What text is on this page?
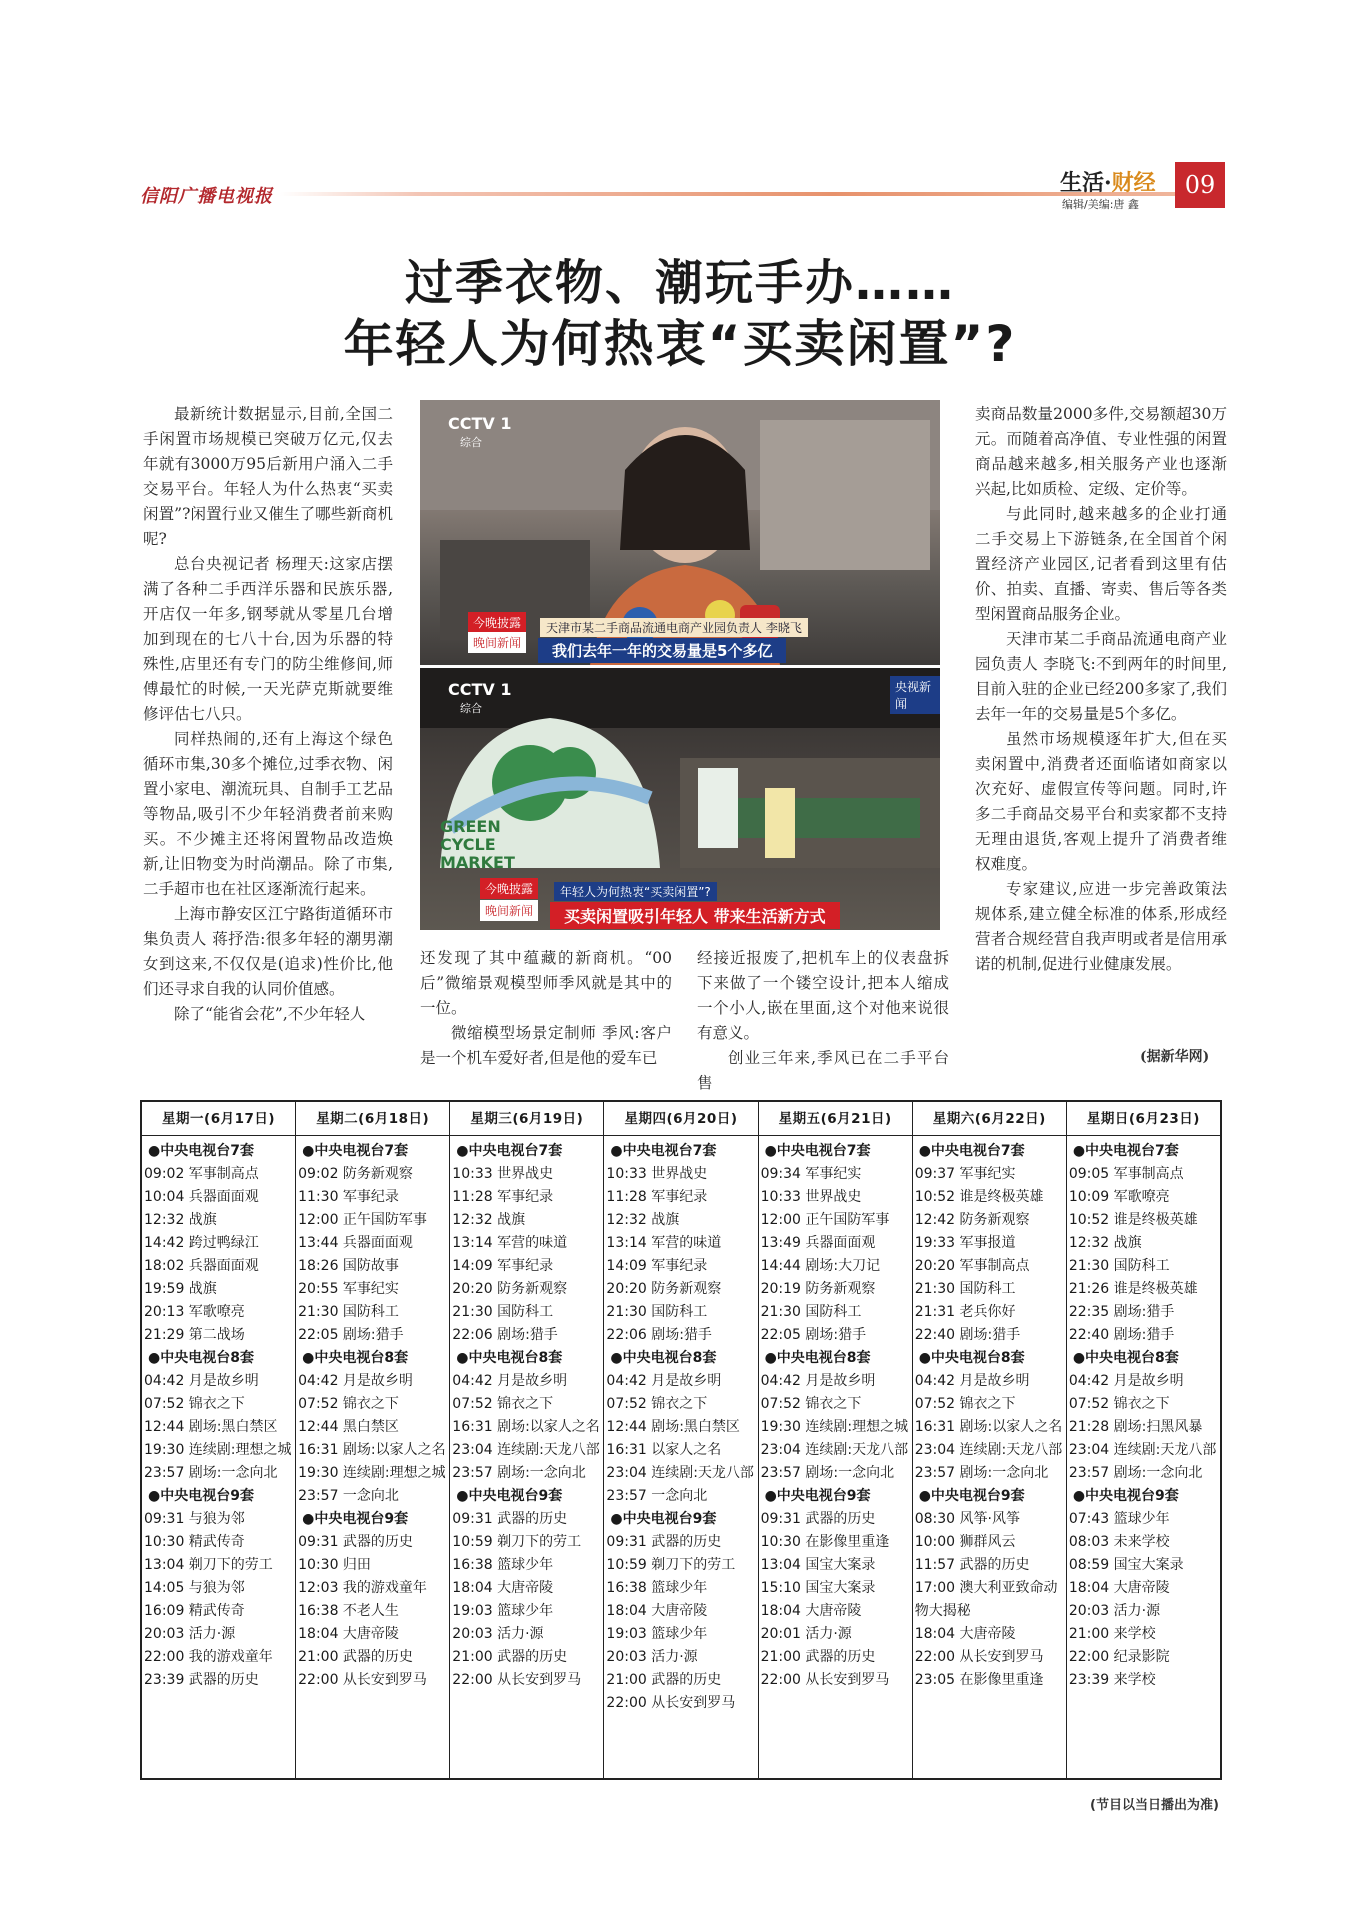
信阳广播电视报
生活·财经
编辑/美编:唐 鑫
09
过季衣物、潮玩手办……
年轻人为何热衷“买卖闲置”?

最新统计数据显示,目前,全国二手闲置市场规模已突破万亿元,仅去年就有3000万95后新用户涌入二手交易平台。年轻人为什么热衷“买卖闲置”?闲置行业又催生了哪些新商机呢?

总台央视记者 杨理天:这家店摆满了各种二手西洋乐器和民族乐器,开店仅一年多,钢琴就从零星几台增加到现在的七八十台,因为乐器的特殊性,店里还有专门的防尘维修间,师傅最忙的时候,一天光萨克斯就要维修评估七八只。

同样热闹的,还有上海这个绿色循环市集,30多个摊位,过季衣物、闲置小家电、潮流玩具、自制手工艺品等物品,吸引不少年轻消费者前来购买。不少摊主还将闲置物品改造焕新,让旧物变为时尚潮品。除了市集,二手超市也在社区逐渐流行起来。

上海市静安区江宁路街道循环市集负责人 蒋抒浩:很多年轻的潮男潮女到这来,不仅仅是(追求)性价比,他们还寻求自我的认同价值感。

除了“能省会花”,不少年轻人

CCTV 1
综合
今晚披露
晚间新闻
天津市某二手商品流通电商产业园负责人 李晓飞
我们去年一年的交易量是5个多亿
CCTV 1
综合
央视新闻
GREEN CYCLE MARKET
今晚披露
晚间新闻
年轻人为何热衷“买卖闲置”?
买卖闲置吸引年轻人 带来生活新方式

还发现了其中蕴藏的新商机。“00后”微缩景观模型师季风就是其中的一位。

微缩模型场景定制师 季风:客户是一个机车爱好者,但是他的爱车已

经接近报废了,把机车上的仪表盘拆下来做了一个镂空设计,把本人缩成一个小人,嵌在里面,这个对他来说很有意义。

创业三年来,季风已在二手平台售

卖商品数量2000多件,交易额超30万元。而随着高净值、专业性强的闲置商品越来越多,相关服务产业也逐渐兴起,比如质检、定级、定价等。

与此同时,越来越多的企业打通二手交易上下游链条,在全国首个闲置经济产业园区,记者看到这里有估价、拍卖、直播、寄卖、售后等各类型闲置商品服务企业。

天津市某二手商品流通电商产业园负责人 李晓飞:不到两年的时间里,目前入驻的企业已经200多家了,我们去年一年的交易量是5个多亿。

虽然市场规模逐年扩大,但在买卖闲置中,消费者还面临诸如商家以次充好、虚假宣传等问题。同时,许多二手商品交易平台和卖家都不支持无理由退货,客观上提升了消费者维权难度。

专家建议,应进一步完善政策法规体系,建立健全标准的体系,形成经营者合规经营自我声明或者是信用承诺的机制,促进行业健康发展。

(据新华网)
星期一(6月17日)
●中央电视台7套
09:02 军事制高点
10:04 兵器面面观
12:32 战旗
14:42 跨过鸭绿江
18:02 兵器面面观
19:59 战旗
20:13 军歌嘹亮
21:29 第二战场
●中央电视台8套
04:42 月是故乡明
07:52 锦衣之下
12:44 剧场:黑白禁区
19:30 连续剧:理想之城
23:57 剧场:一念向北
●中央电视台9套
09:31 与狼为邻
10:30 精武传奇
13:04 剃刀下的劳工
14:05 与狼为邻
16:09 精武传奇
20:03 活力·源
22:00 我的游戏童年
23:39 武器的历史
星期二(6月18日)
●中央电视台7套
09:02 防务新观察
11:30 军事纪录
12:00 正午国防军事
13:44 兵器面面观
18:26 国防故事
20:55 军事纪实
21:30 国防科工
22:05 剧场:猎手
●中央电视台8套
04:42 月是故乡明
07:52 锦衣之下
12:44 黑白禁区
16:31 剧场:以家人之名
19:30 连续剧:理想之城
23:57 一念向北
●中央电视台9套
09:31 武器的历史
10:30 归田
12:03 我的游戏童年
16:38 不老人生
18:04 大唐帝陵
21:00 武器的历史
22:00 从长安到罗马
星期三(6月19日)
●中央电视台7套
10:33 世界战史
11:28 军事纪录
12:32 战旗
13:14 军营的味道
14:09 军事纪录
20:20 防务新观察
21:30 国防科工
22:06 剧场:猎手
●中央电视台8套
04:42 月是故乡明
07:52 锦衣之下
16:31 剧场:以家人之名
23:04 连续剧:天龙八部
23:57 剧场:一念向北
●中央电视台9套
09:31 武器的历史
10:59 剃刀下的劳工
16:38 篮球少年
18:04 大唐帝陵
19:03 篮球少年
20:03 活力·源
21:00 武器的历史
22:00 从长安到罗马
星期四(6月20日)
●中央电视台7套
10:33 世界战史
11:28 军事纪录
12:32 战旗
13:14 军营的味道
14:09 军事纪录
20:20 防务新观察
21:30 国防科工
22:06 剧场:猎手
●中央电视台8套
04:42 月是故乡明
07:52 锦衣之下
12:44 剧场:黑白禁区
16:31 以家人之名
23:04 连续剧:天龙八部
23:57 一念向北
●中央电视台9套
09:31 武器的历史
10:59 剃刀下的劳工
16:38 篮球少年
18:04 大唐帝陵
19:03 篮球少年
20:03 活力·源
21:00 武器的历史
22:00 从长安到罗马
星期五(6月21日)
●中央电视台7套
09:34 军事纪实
10:33 世界战史
12:00 正午国防军事
13:49 兵器面面观
14:44 剧场:大刀记
20:19 防务新观察
21:30 国防科工
22:05 剧场:猎手
●中央电视台8套
04:42 月是故乡明
07:52 锦衣之下
19:30 连续剧:理想之城
23:04 连续剧:天龙八部
23:57 剧场:一念向北
●中央电视台9套
09:31 武器的历史
10:30 在影像里重逢
13:04 国宝大案录
15:10 国宝大案录
18:04 大唐帝陵
20:01 活力·源
21:00 武器的历史
22:00 从长安到罗马
星期六(6月22日)
●中央电视台7套
09:37 军事纪实
10:52 谁是终极英雄
12:42 防务新观察
19:33 军事报道
20:20 军事制高点
21:30 国防科工
21:31 老兵你好
22:40 剧场:猎手
●中央电视台8套
04:42 月是故乡明
07:52 锦衣之下
16:31 剧场:以家人之名
23:04 连续剧:天龙八部
23:57 剧场:一念向北
●中央电视台9套
08:30 风筝·风筝
10:00 狮群风云
11:57 武器的历史
17:00 澳大利亚致命动物大揭秘
18:04 大唐帝陵
22:00 从长安到罗马
23:05 在影像里重逢
星期日(6月23日)
●中央电视台7套
09:05 军事制高点
10:09 军歌嘹亮
10:52 谁是终极英雄
12:32 战旗
21:30 国防科工
21:26 谁是终极英雄
22:35 剧场:猎手
22:40 剧场:猎手
●中央电视台8套
04:42 月是故乡明
07:52 锦衣之下
21:28 剧场:扫黑风暴
23:04 连续剧:天龙八部
23:57 剧场:一念向北
●中央电视台9套
07:43 篮球少年
08:03 未来学校
08:59 国宝大案录
18:04 大唐帝陵
20:03 活力·源
21:00 来学校
22:00 纪录影院
23:39 来学校
(节目以当日播出为准)
